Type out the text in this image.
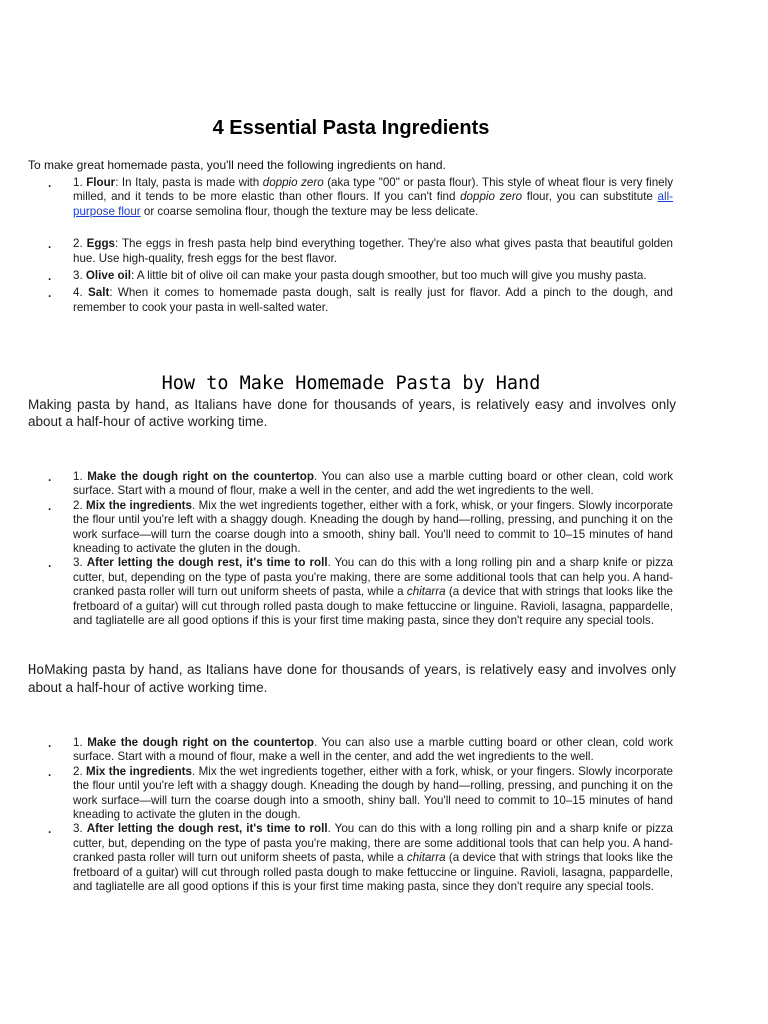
4 Essential Pasta Ingredients

To make great homemade pasta, you'll need the following ingredients on hand.

. 1. Flour: In Italy, pasta is made with doppio zero (aka type "00" or pasta flour). This style of wheat flour is very finely milled, and it tends to be more elastic than other flours. If you can't find doppio zero flour, you can substitute all-purpose flour or coarse semolina flour, though the texture may be less delicate.
. 2. Eggs: The eggs in fresh pasta help bind everything together. They're also what gives pasta that beautiful golden hue. Use high-quality, fresh eggs for the best flavor.
. 3. Olive oil: A little bit of olive oil can make your pasta dough smoother, but too much will give you mushy pasta.
. 4. Salt: When it comes to homemade pasta dough, salt is really just for flavor. Add a pinch to the dough, and remember to cook your pasta in well-salted water.
How to Make Homemade Pasta by Hand

Making pasta by hand, as Italians have done for thousands of years, is relatively easy and involves only about a half-hour of active working time.

. 1. Make the dough right on the countertop. You can also use a marble cutting board or other clean, cold work surface. Start with a mound of flour, make a well in the center, and add the wet ingredients to the well.
. 2. Mix the ingredients. Mix the wet ingredients together, either with a fork, whisk, or your fingers. Slowly incorporate the flour until you're left with a shaggy dough. Kneading the dough by hand—rolling, pressing, and punching it on the work surface—will turn the coarse dough into a smooth, shiny ball. You'll need to commit to 10–15 minutes of hand kneading to activate the gluten in the dough.
. 3. After letting the dough rest, it's time to roll. You can do this with a long rolling pin and a sharp knife or pizza cutter, but, depending on the type of pasta you're making, there are some additional tools that can help you. A hand-cranked pasta roller will turn out uniform sheets of pasta, while a chitarra (a device that with strings that looks like the fretboard of a guitar) will cut through rolled pasta dough to make fettuccine or linguine. Ravioli, lasagna, pappardelle, and tagliatelle are all good options if this is your first time making pasta, since they don't require any special tools.

HoMaking pasta by hand, as Italians have done for thousands of years, is relatively easy and involves only about a half-hour of active working time.

. 1. Make the dough right on the countertop. You can also use a marble cutting board or other clean, cold work surface. Start with a mound of flour, make a well in the center, and add the wet ingredients to the well.
. 2. Mix the ingredients. Mix the wet ingredients together, either with a fork, whisk, or your fingers. Slowly incorporate the flour until you're left with a shaggy dough. Kneading the dough by hand—rolling, pressing, and punching it on the work surface—will turn the coarse dough into a smooth, shiny ball. You'll need to commit to 10–15 minutes of hand kneading to activate the gluten in the dough.
. 3. After letting the dough rest, it's time to roll. You can do this with a long rolling pin and a sharp knife or pizza cutter, but, depending on the type of pasta you're making, there are some additional tools that can help you. A hand-cranked pasta roller will turn out uniform sheets of pasta, while a chitarra (a device that with strings that looks like the fretboard of a guitar) will cut through rolled pasta dough to make fettuccine or linguine. Ravioli, lasagna, pappardelle, and tagliatelle are all good options if this is your first time making pasta, since they don't require any special tools.
